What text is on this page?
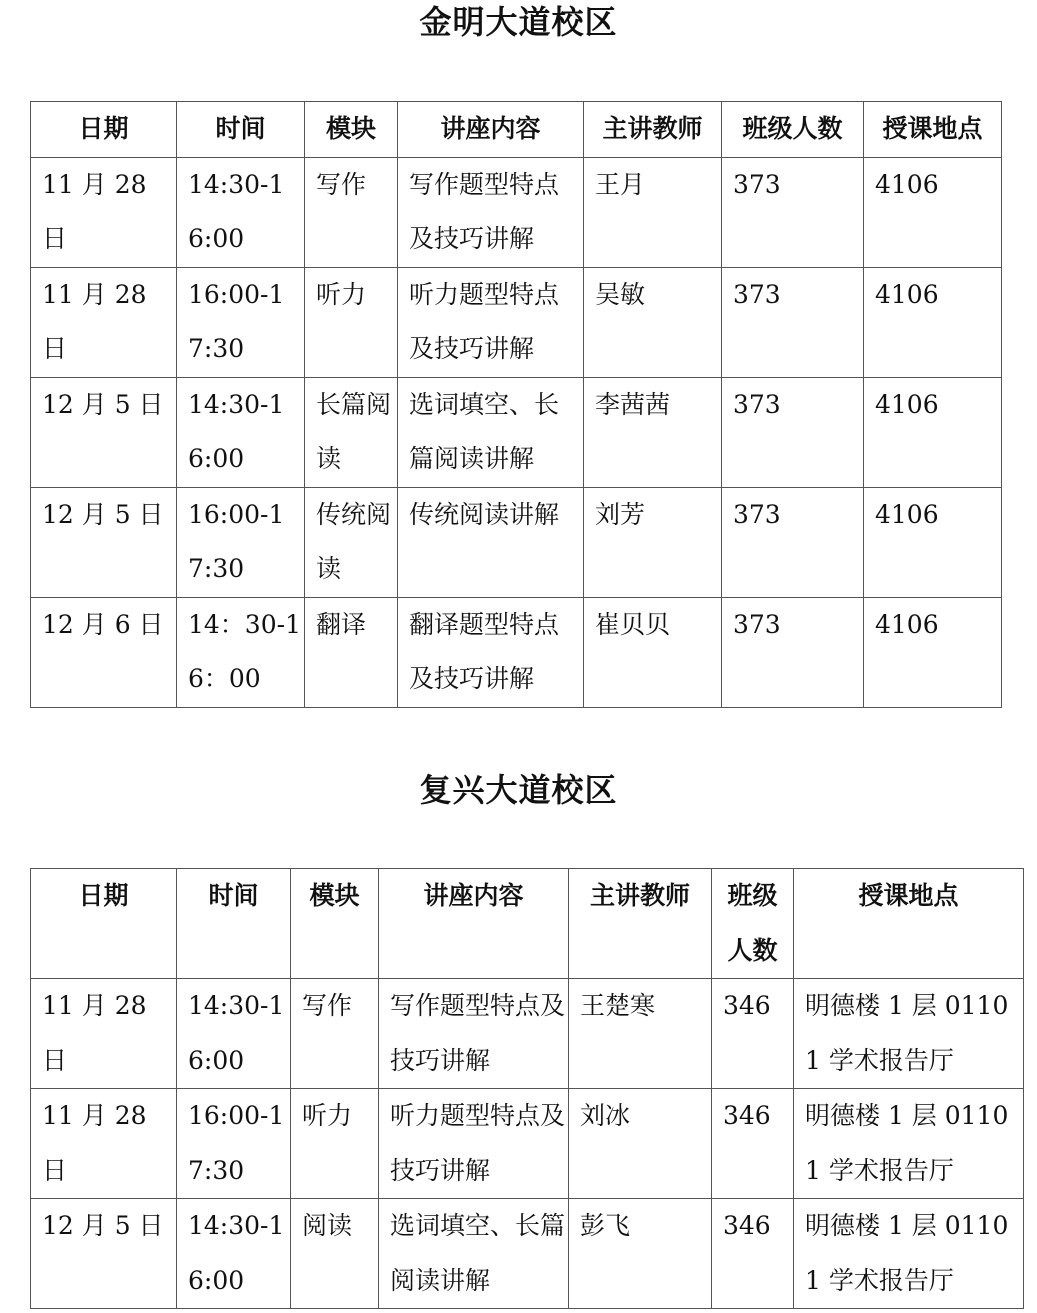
金明大道校区
日期	时间	模块	讲座内容	主讲教师	班级人数	授课地点
11 月 28 日	14:30-16:00	写作	写作题型特点及技巧讲解	王月	373	4106
11 月 28 日	16:00-17:30	听力	听力题型特点及技巧讲解	吴敏	373	4106
12 月 5 日	14:30-16:00	长篇阅读	选词填空、长篇阅读讲解	李茜茜	373	4106
12 月 5 日	16:00-17:30	传统阅读	传统阅读讲解	刘芳	373	4106
12 月 6 日	14：30-16：00	翻译	翻译题型特点及技巧讲解	崔贝贝	373	4106
复兴大道校区
日期	时间	模块	讲座内容	主讲教师	班级人数	授课地点
11 月 28 日	14:30-16:00	写作	写作题型特点及技巧讲解	王楚寒	346	明德楼 1 层 01101 学术报告厅
11 月 28 日	16:00-17:30	听力	听力题型特点及技巧讲解	刘冰	346	明德楼 1 层 01101 学术报告厅
12 月 5 日	14:30-16:00	阅读	选词填空、长篇阅读讲解	彭飞	346	明德楼 1 层 01101 学术报告厅
